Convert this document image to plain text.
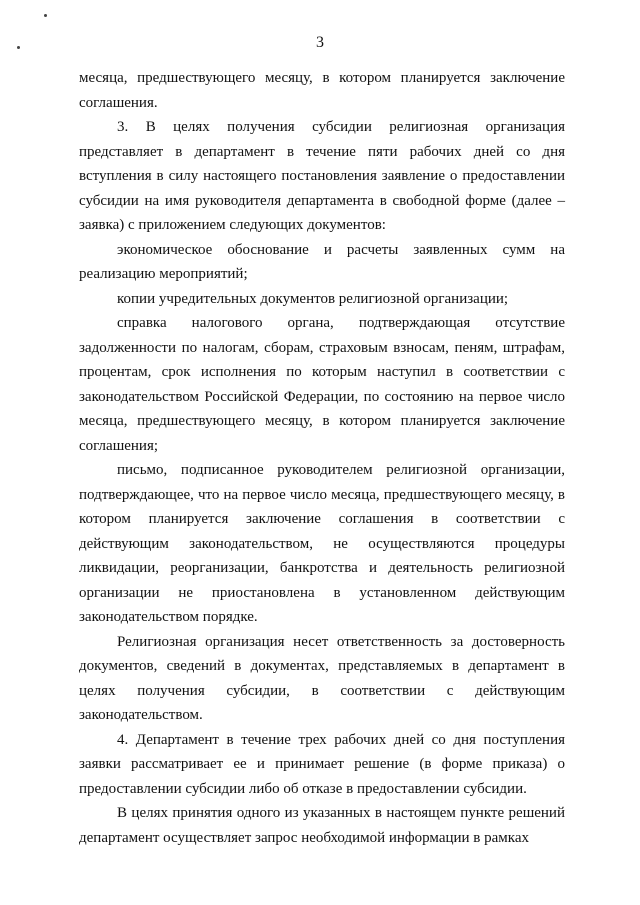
3

месяца, предшествующего месяцу, в котором планируется заключение соглашения.

3. В целях получения субсидии религиозная организация представляет в департамент в течение пяти рабочих дней со дня вступления в силу настоящего постановления заявление о предоставлении субсидии на имя руководителя департамента в свободной форме (далее – заявка) с приложением следующих документов:

экономическое обоснование и расчеты заявленных сумм на реализацию мероприятий;

копии учредительных документов религиозной организации;

справка налогового органа, подтверждающая отсутствие задолженности по налогам, сборам, страховым взносам, пеням, штрафам, процентам, срок исполнения по которым наступил в соответствии с законодательством Российской Федерации, по состоянию на первое число месяца, предшествующего месяцу, в котором планируется заключение соглашения;

письмо, подписанное руководителем религиозной организации, подтверждающее, что на первое число месяца, предшествующего месяцу, в котором планируется заключение соглашения в соответствии с действующим законодательством, не осуществляются процедуры ликвидации, реорганизации, банкротства и деятельность религиозной организации не приостановлена в установленном действующим законодательством порядке.

Религиозная организация несет ответственность за достоверность документов, сведений в документах, представляемых в департамент в целях получения субсидии, в соответствии с действующим законодательством.

4. Департамент в течение трех рабочих дней со дня поступления заявки рассматривает ее и принимает решение (в форме приказа) о предоставлении субсидии либо об отказе в предоставлении субсидии.

В целях принятия одного из указанных в настоящем пункте решений департамент осуществляет запрос необходимой информации в рамках
